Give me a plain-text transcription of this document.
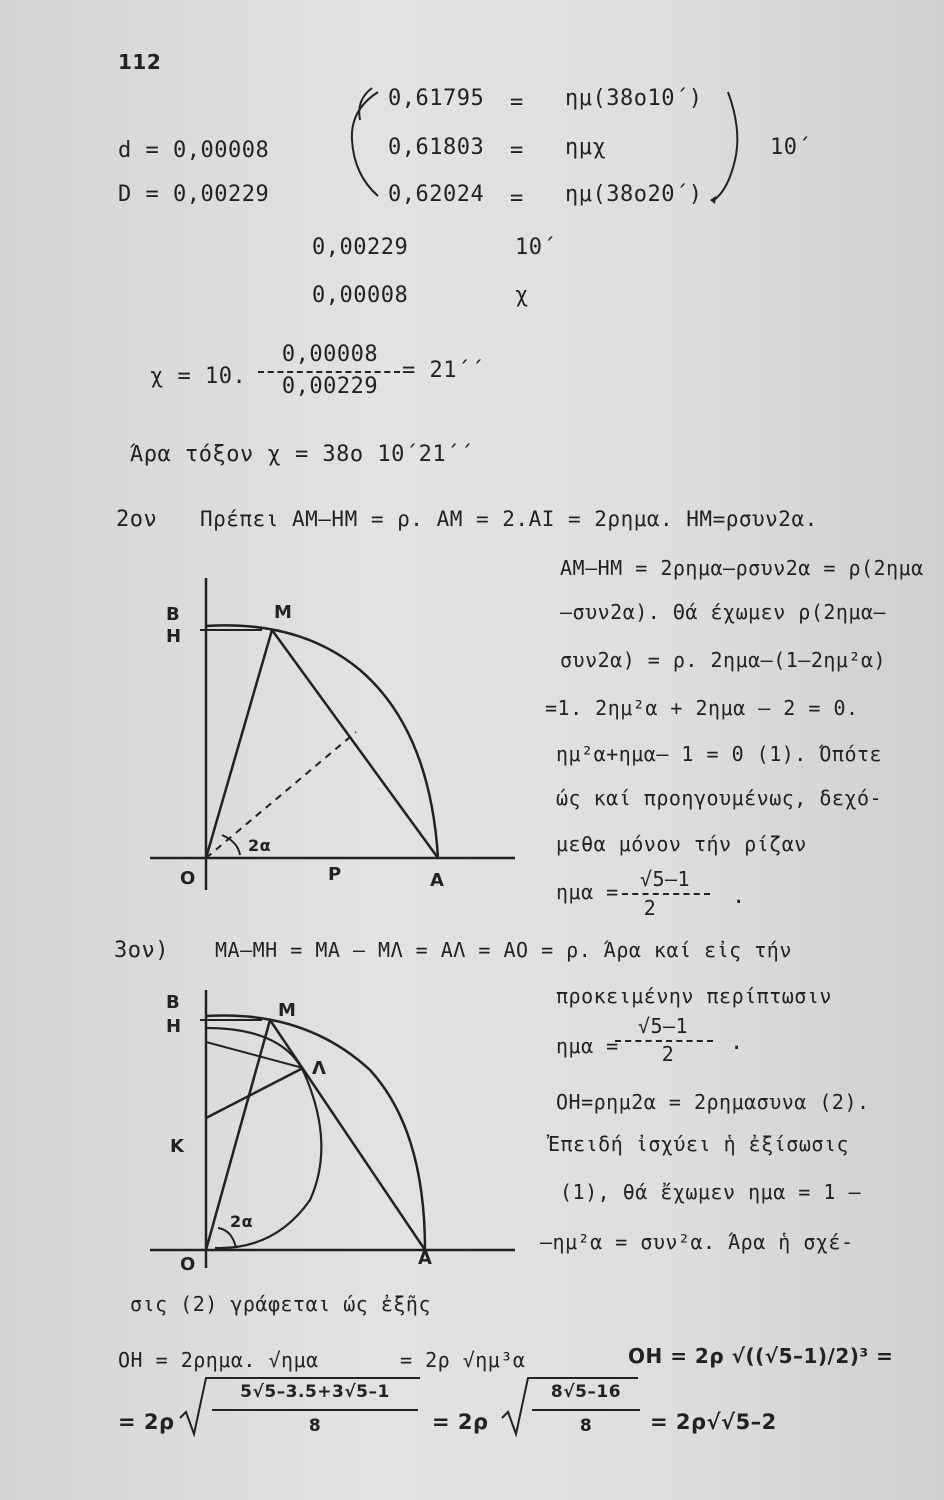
112
d = 0,00008
D = 0,00229
0,61795 = ημ(38ο10΄)
0,61803 = ημχ
0,62024 = ημ(38ο20΄)
10΄
0,00229	10΄
0,00008	χ
χ = 10.
0,00008
0,00229
= 21΄΄
Άρα τόξον χ = 38ο 10΄21΄΄
2ον Πρέπει ΑΜ–ΗΜ = ρ. ΑΜ = 2.ΑΙ = 2ρημα. ΗΜ=ρσυν2α.
ΑΜ–ΗΜ = 2ρημα–ρσυν2α = ρ(2ημα
–συν2α). Θά έχωμεν ρ(2ημα–
συν2α) = ρ. 2ημα–(1–2ημ²α)
=1. 2ημ²α + 2ημα – 2 = 0.
ημ²α+ημα– 1 = 0 (1). Όπότε
ώς καί προηγουμένως, δεχό-
μεθα μόνον τήν ρίζαν
ημα =
√5–1
2	.
B
H
M
O	P	A
2α
3ον) ΜΑ–ΜΗ = ΜΑ – ΜΛ = ΑΛ = ΑΟ = ρ. Άρα καί εἰς τήν
προκειμένην περίπτωσιν
ημα =
√5–1
2	.
ΟΗ=ρημ2α = 2ρημασυνα (2).
Ἐπειδή ἰσχύει ἡ ἐξίσωσις
(1), θά ἔχωμεν ημα = 1 –
–ημ²α = συν²α. Άρα ἡ σχέ-
B
H
M
Λ
K
O	A
2α
σις (2) γράφεται ώς ἐξῆς
ΟΗ = 2ρημα. √ημα	= 2ρ √ημ³α	ΟΗ = 2ρ √((√5–1)/2)³ =
= 2ρ
5√5–3.5+3√5–1
8	= 2ρ
8√5–16
8	= 2ρ√√5–2
